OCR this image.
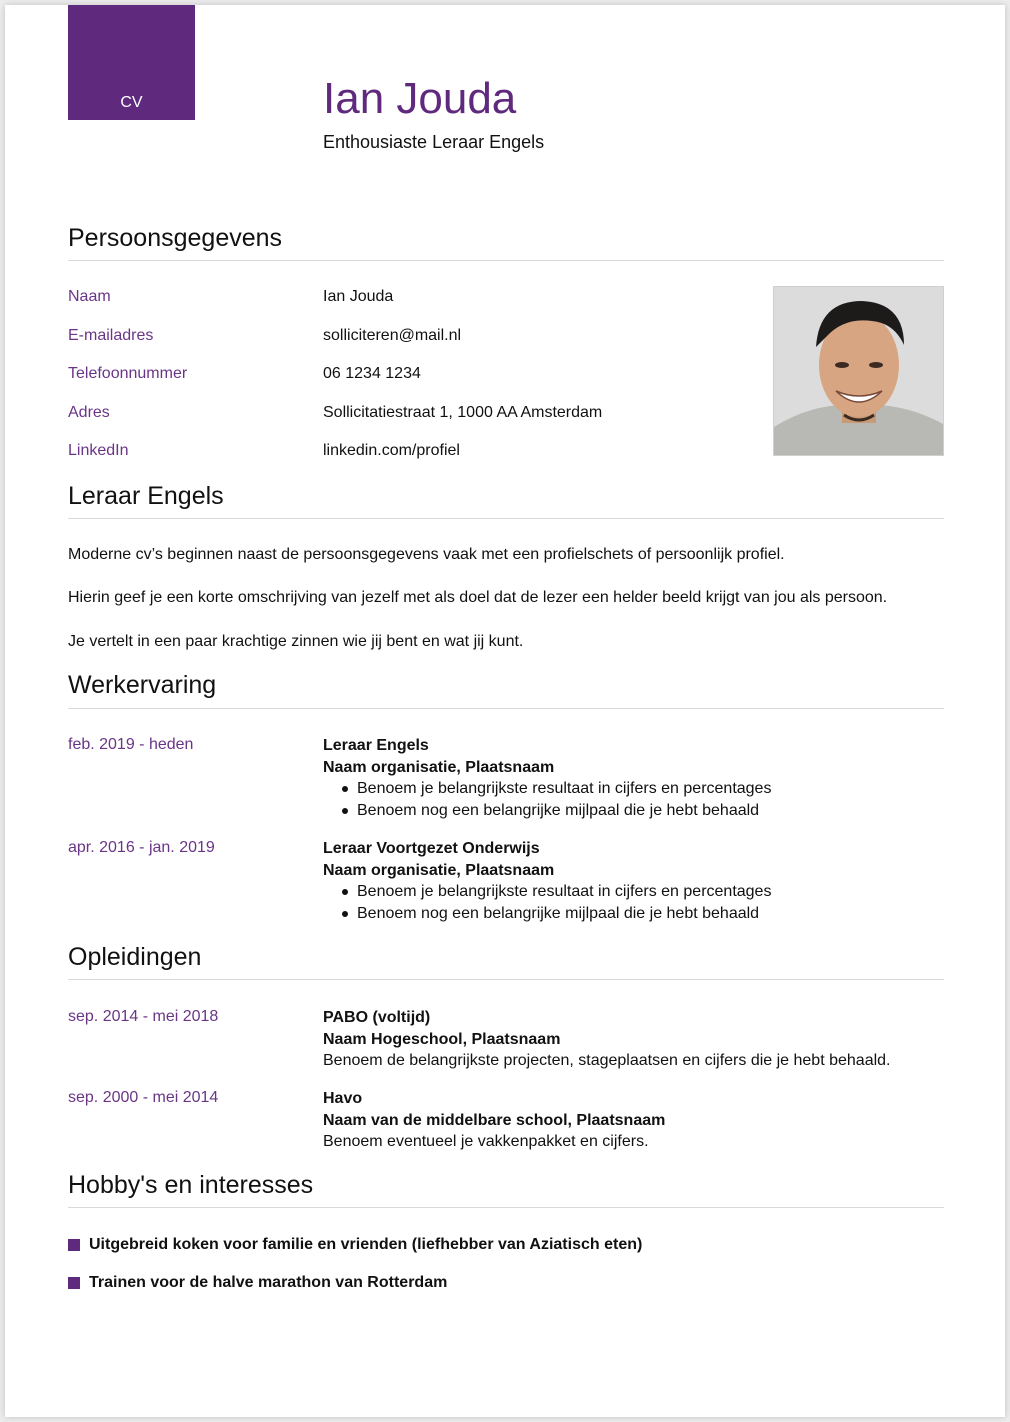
CV	Ian Jouda

Enthousiaste Leraar Engels

Persoonsgegevens
Naam	Ian Jouda
E-mailadres	solliciteren@mail.nl
Telefoonnummer	06 1234 1234
Adres	Sollicitatiestraat 1, 1000 AA Amsterdam
LinkedIn	linkedin.com/profiel
Leraar Engels

Moderne cv’s beginnen naast de persoonsgegevens vaak met een profielschets of persoonlijk profiel.

Hierin geef je een korte omschrijving van jezelf met als doel dat de lezer een helder beeld krijgt van jou als persoon.

Je vertelt in een paar krachtige zinnen wie jij bent en wat jij kunt.

Werkervaring
feb. 2019 - heden	Leraar Engels
Naam organisatie, Plaatsnaam
Benoem je belangrijkste resultaat in cijfers en percentages
Benoem nog een belangrijke mijlpaal die je hebt behaald
apr. 2016 - jan. 2019	Leraar Voortgezet Onderwijs
Naam organisatie, Plaatsnaam
Benoem je belangrijkste resultaat in cijfers en percentages
Benoem nog een belangrijke mijlpaal die je hebt behaald
Opleidingen
sep. 2014 - mei 2018	PABO (voltijd)
Naam Hogeschool, Plaatsnaam
Benoem de belangrijkste projecten, stageplaatsen en cijfers die je hebt behaald.
sep. 2000 - mei 2014	Havo
Naam van de middelbare school, Plaatsnaam
Benoem eventueel je vakkenpakket en cijfers.
Hobby's en interesses
Uitgebreid koken voor familie en vrienden (liefhebber van Aziatisch eten)
Trainen voor de halve marathon van Rotterdam
